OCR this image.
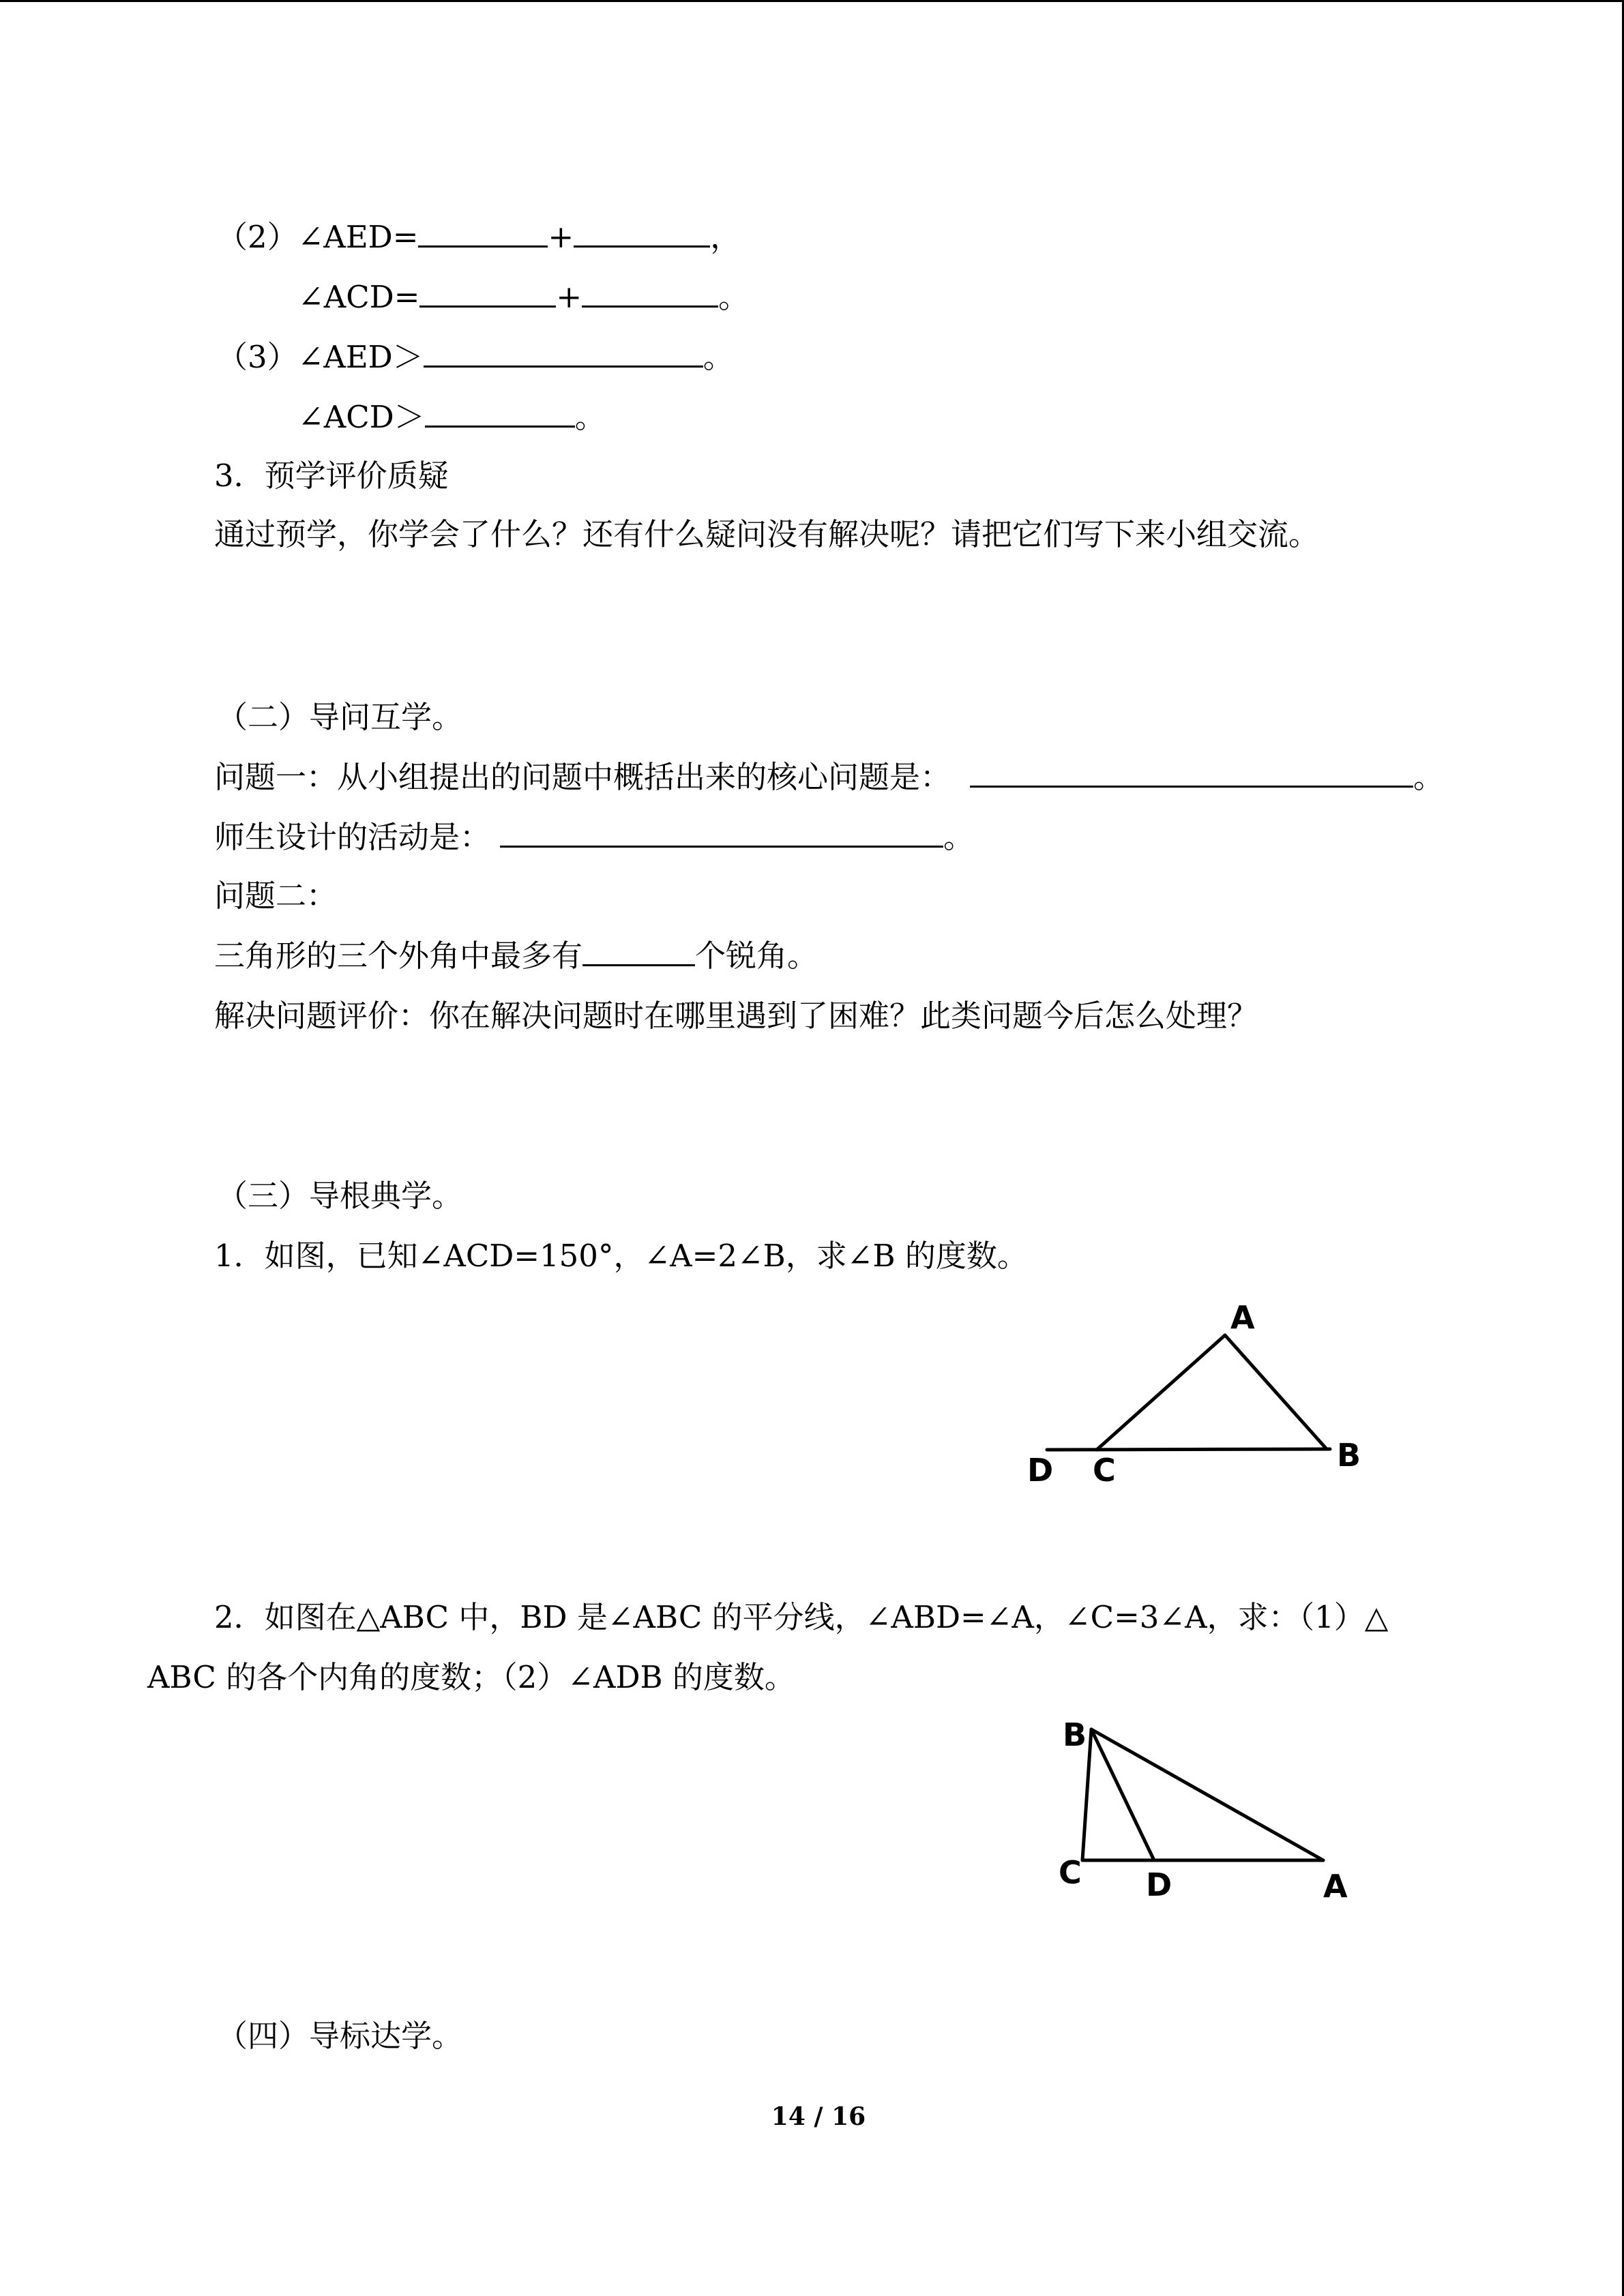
（2）∠AED=	+	，
∠ACD=	+	。
（3）∠AED＞	。
∠ACD＞	。
3．预学评价质疑
通过预学，你学会了什么？还有什么疑问没有解决呢？请把它们写下来小组交流。
（二）导问互学。
问题一：从小组提出的问题中概括出来的核心问题是：	。
师生设计的活动是：	。
问题二：
三角形的三个外角中最多有	个锐角。
解决问题评价：你在解决问题时在哪里遇到了困难？此类问题今后怎么处理？
（三）导根典学。
1．如图，已知∠ACD=150°，∠A=2∠B，求∠B 的度数。
A
B
C
D
2．如图在△ABC 中，BD 是∠ABC 的平分线，∠ABD=∠A，∠C=3∠A，求：（1）△
ABC 的各个内角的度数；（2）∠ADB 的度数。
B
C D	A
（四）导标达学。
14 / 16
